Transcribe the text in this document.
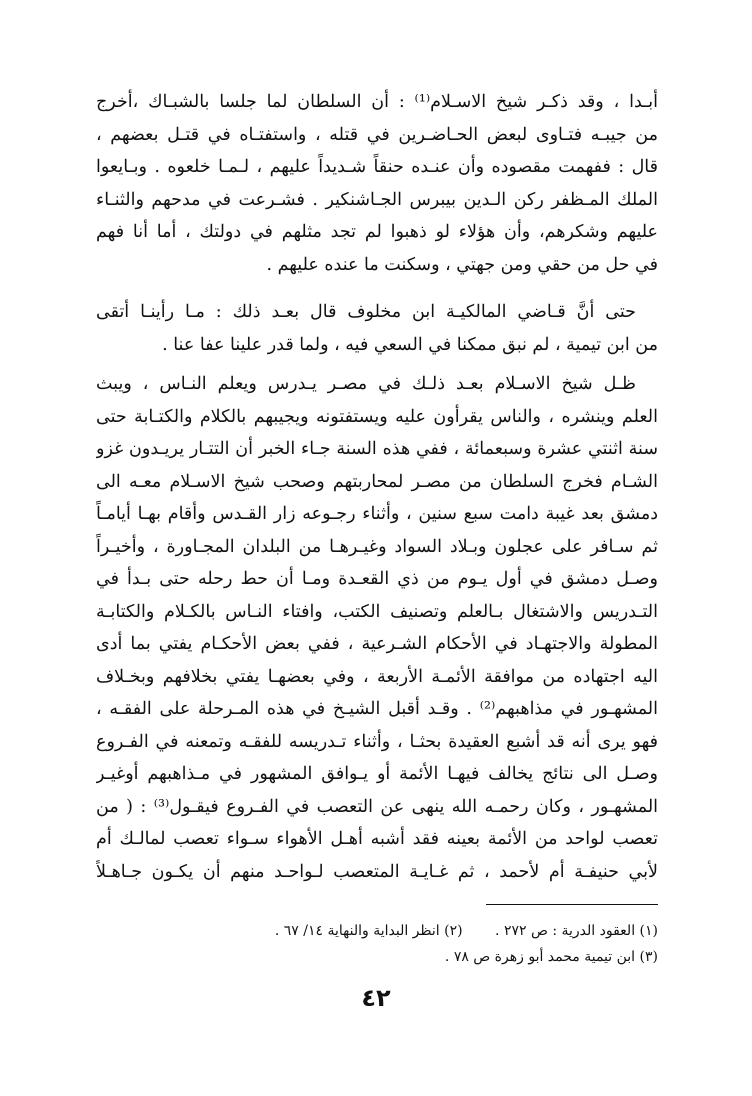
أبـدا ، وقد ذكـر شيخ الاسـلام⁽¹⁾ : أن السلطان لما جلسا بالشبـاك ،أخرج
من جيبـه فتـاوى لبعض الحـاضـرين في قتله ، واستفتـاه في قتـل بعضهم ،
قال : ففهمت مقصوده وأن عنـده حنقاً شـديداً عليهم ، لـمـا خلعوه . وبـايعوا
الملك المـظفر ركن الـدين بيبرس الجـاشنكير . فشـرعت في مدحهم والثنـاء
عليهم وشكرهم، وأن هؤلاء لو ذهبوا لم تجد مثلهم في دولتك ، أما أنا فهم
في حل من حقي ومن جهتي ، وسكنت ما عنده عليهم .
حتى أنَّ قـاضي المالكيـة ابن مخلوف قال بعـد ذلك : مـا رأينـا أتقى
من ابن تيمية ، لم نبق ممكنا في السعي فيه ، ولما قدر علينا عفا عنا .
ظـل شيخ الاسـلام بعـد ذلـك في مصـر يـدرس ويعلم النـاس ، ويبث
العلم وينشره ، والناس يقرأون عليه ويستفتونه ويجيبهم بالكلام والكتـابة حتى
سنة اثنتي عشرة وسبعمائة ، ففي هذه السنة جـاء الخبر أن التتـار يريـدون غزو
الشـام فخرج السلطان من مصـر لمحاربتهم وصحب شيخ الاسـلام معـه الى
دمشق بعد غيبة دامت سبع سنين ، وأثناء رجـوعه زار القـدس وأقام بهـا أيامـاً
ثم سـافر على عجلون وبـلاد السواد وغيـرهـا من البلدان المجـاورة ، وأخيـراً
وصـل دمشق في أول يـوم من ذي القعـدة ومـا أن حط رحله حتى بـدأ في
التـدريس والاشتغال بـالعلم وتصنيف الكتب، وافتاء النـاس بالكـلام والكتابـة
المطولة والاجتهـاد في الأحكام الشـرعية ، ففي بعض الأحكـام يفتي بما أدى
اليه اجتهاده من موافقة الأئمـة الأربعة ، وفي بعضهـا يفتي بخلافهم وبخـلاف
المشهـور في مذاهبهم⁽²⁾ . وقـد أقبل الشيـخ في هذه المـرحلة على الفقـه ،
فهو يرى أنه قد أشبع العقيدة بحثـا ، وأثناء تـدريسه للفقـه وتمعنه في الفـروع
وصـل الى نتائج يخالف فيهـا الأئمة أو يـوافق المشهور في مـذاهبهم أوغيـر
المشهـور ، وكان رحمـه الله ينهى عن التعصب في الفـروع فيقـول⁽³⁾ : ( من
تعصب لواحد من الأئمة بعينه فقد أشبه أهـل الأهواء سـواء تعصب لمالـك أم
لأبي حنيفـة أم لأحمد ، ثم غـايـة المتعصب لـواحـد منهم أن يكـون جـاهـلاً
(١) العقود الدرية : ص ٢٧٢ . (٢) انظر البداية والنهاية ١٤/ ٦٧ .
(٣) ابن تيمية محمد أبو زهرة ص ٧٨ .
٤٢
